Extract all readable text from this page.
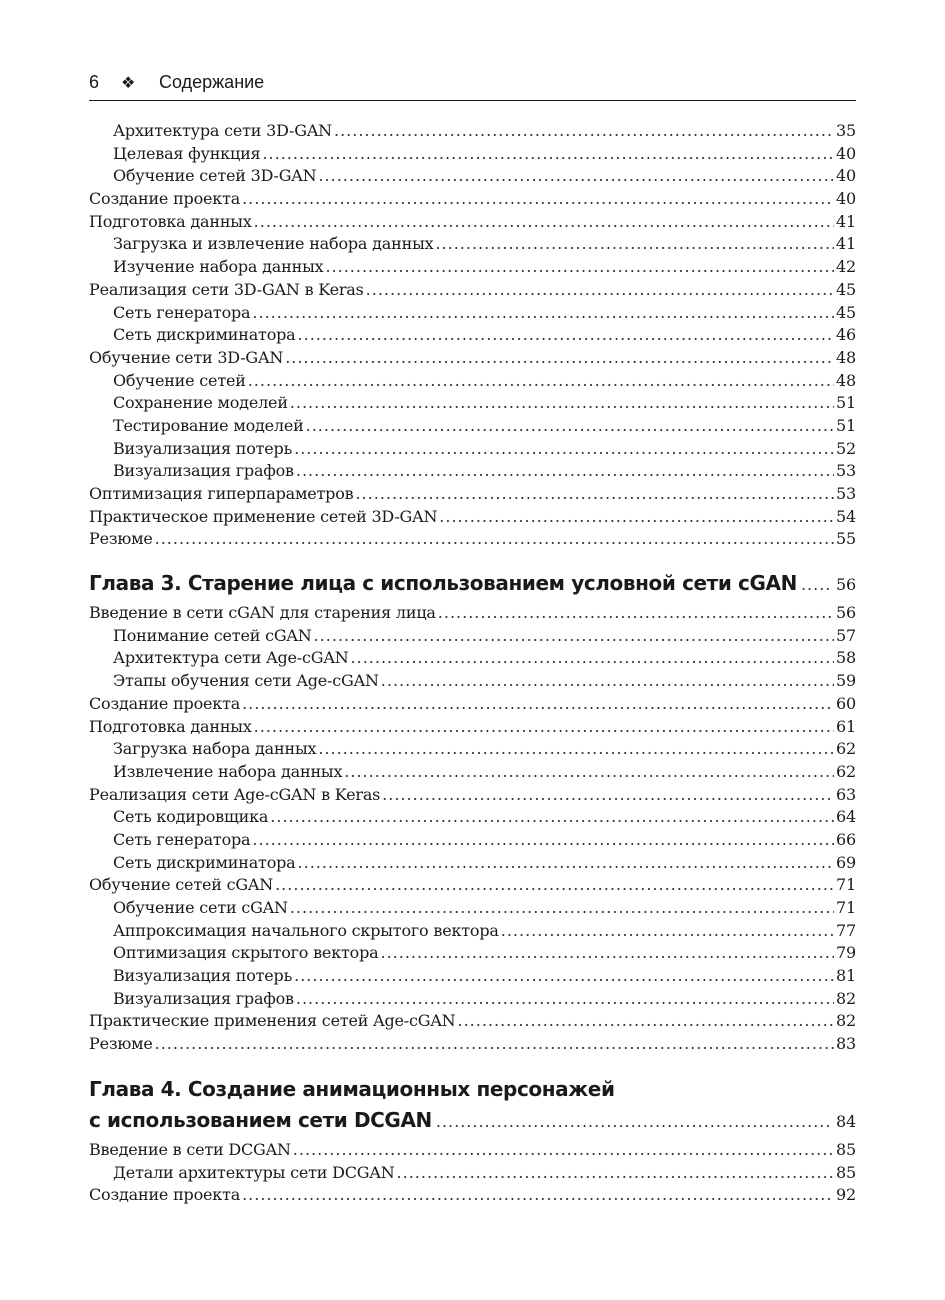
6	❖	Содержание
Архитектура сети 3D-GAN .....	35
Целевая функция .....	40
Обучение сетей 3D-GAN .....	40
Создание проекта .....	40
Подготовка данных .....	41
Загрузка и извлечение набора данных .....	41
Изучение набора данных .....	42
Реализация сети 3D-GAN в Keras .....	45
Сеть генератора .....	45
Сеть дискриминатора .....	46
Обучение сети 3D-GAN .....	48
Обучение сетей .....	48
Сохранение моделей .....	51
Тестирование моделей .....	51
Визуализация потерь .....	52
Визуализация графов .....	53
Оптимизация гиперпараметров .....	53
Практическое применение сетей 3D-GAN .....	54
Резюме .....	55
Глава 3. Старение лица с использованием условной сети cGAN ..... 56
Введение в сети cGAN для старения лица .....	56
Понимание сетей cGAN .....	57
Архитектура сети Age-cGAN .....	58
Этапы обучения сети Age-cGAN .....	59
Создание проекта .....	60
Подготовка данных .....	61
Загрузка набора данных .....	62
Извлечение набора данных .....	62
Реализация сети Age-cGAN в Keras .....	63
Сеть кодировщика .....	64
Сеть генератора .....	66
Сеть дискриминатора .....	69
Обучение сетей cGAN .....	71
Обучение сети cGAN .....	71
Аппроксимация начального скрытого вектора .....	77
Оптимизация скрытого вектора .....	79
Визуализация потерь .....	81
Визуализация графов .....	82
Практические применения сетей Age-cGAN .....	82
Резюме .....	83
Глава 4. Создание анимационных персонажей
с использованием сети DCGAN .....	84
Введение в сети DCGAN .....	85
Детали архитектуры сети DCGAN .....	85
Создание проекта .....	92
